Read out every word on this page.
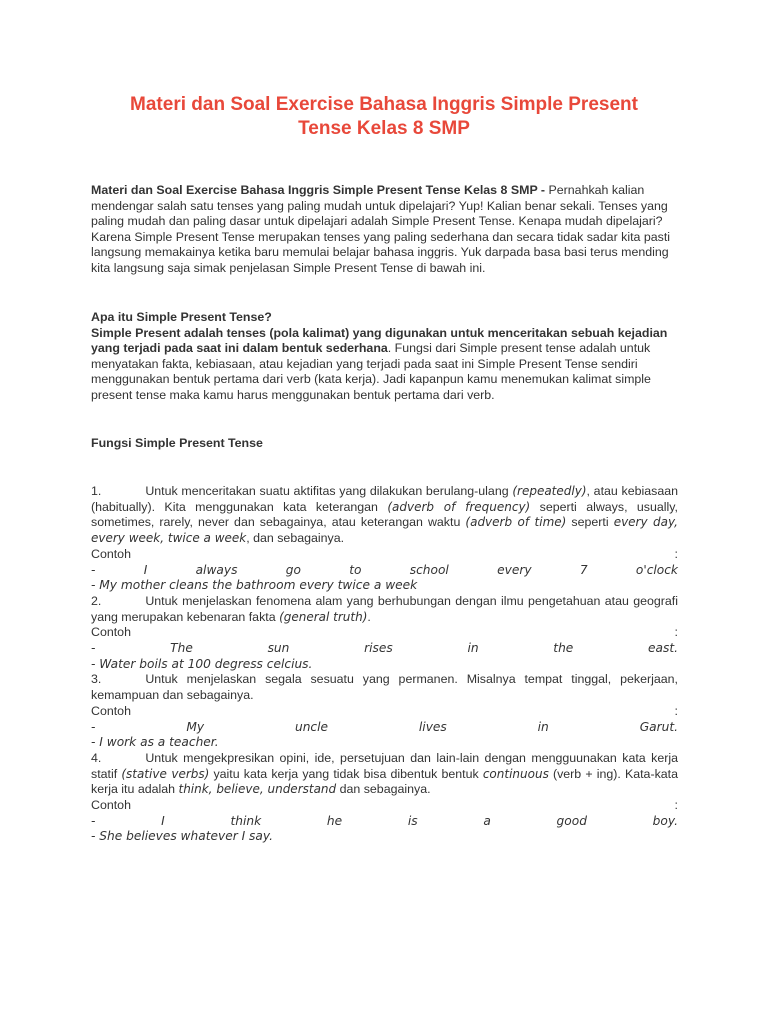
Materi dan Soal Exercise Bahasa Inggris Simple Present
Tense Kelas 8 SMP

Materi dan Soal Exercise Bahasa Inggris Simple Present Tense Kelas 8 SMP - Pernahkah kalian mendengar salah satu tenses yang paling mudah untuk dipelajari? Yup! Kalian benar sekali. Tenses yang paling mudah dan paling dasar untuk dipelajari adalah Simple Present Tense. Kenapa mudah dipelajari? Karena Simple Present Tense merupakan tenses yang paling sederhana dan secara tidak sadar kita pasti langsung memakainya ketika baru memulai belajar bahasa inggris. Yuk darpada basa basi terus mending kita langsung saja simak penjelasan Simple Present Tense di bawah ini.

Apa itu Simple Present Tense?
Simple Present adalah tenses (pola kalimat) yang digunakan untuk menceritakan sebuah kejadian yang terjadi pada saat ini dalam bentuk sederhana. Fungsi dari Simple present tense adalah untuk menyatakan fakta, kebiasaan, atau kejadian yang terjadi pada saat ini Simple Present Tense sendiri menggunakan bentuk pertama dari verb (kata kerja). Jadi kapanpun kamu menemukan kalimat simple present tense maka kamu harus menggunakan bentuk pertama dari verb.
Fungsi Simple Present Tense
1.	Untuk menceritakan suatu aktifitas yang dilakukan berulang-ulang (repeatedly), atau kebiasaan (habitually). Kita menggunakan kata keterangan (adverb of frequency) seperti always, usually, sometimes, rarely, never dan sebagainya, atau keterangan waktu (adverb of time) seperti every day, every week, twice a week, dan sebagainya.
Contoh	:
-	I always go to school every 7 o'clock
- My mother cleans the bathroom every twice a week
2.	Untuk menjelaskan fenomena alam yang berhubungan dengan ilmu pengetahuan atau geografi yang merupakan kebenaran fakta (general truth).
Contoh	:
-	The sun rises in the east.
- Water boils at 100 degress celcius.
3.	Untuk menjelaskan segala sesuatu yang permanen. Misalnya tempat tinggal, pekerjaan, kemampuan dan sebagainya.
Contoh	:
-	My uncle lives in Garut.
- I work as a teacher.
4.	Untuk mengekpresikan opini, ide, persetujuan dan lain-lain dengan mengguunakan kata kerja statif (stative verbs) yaitu kata kerja yang tidak bisa dibentuk bentuk continuous (verb + ing). Kata-kata kerja itu adalah think, believe, understand dan sebagainya.
Contoh	:
-	I think he is a good boy.
- She believes whatever I say.
